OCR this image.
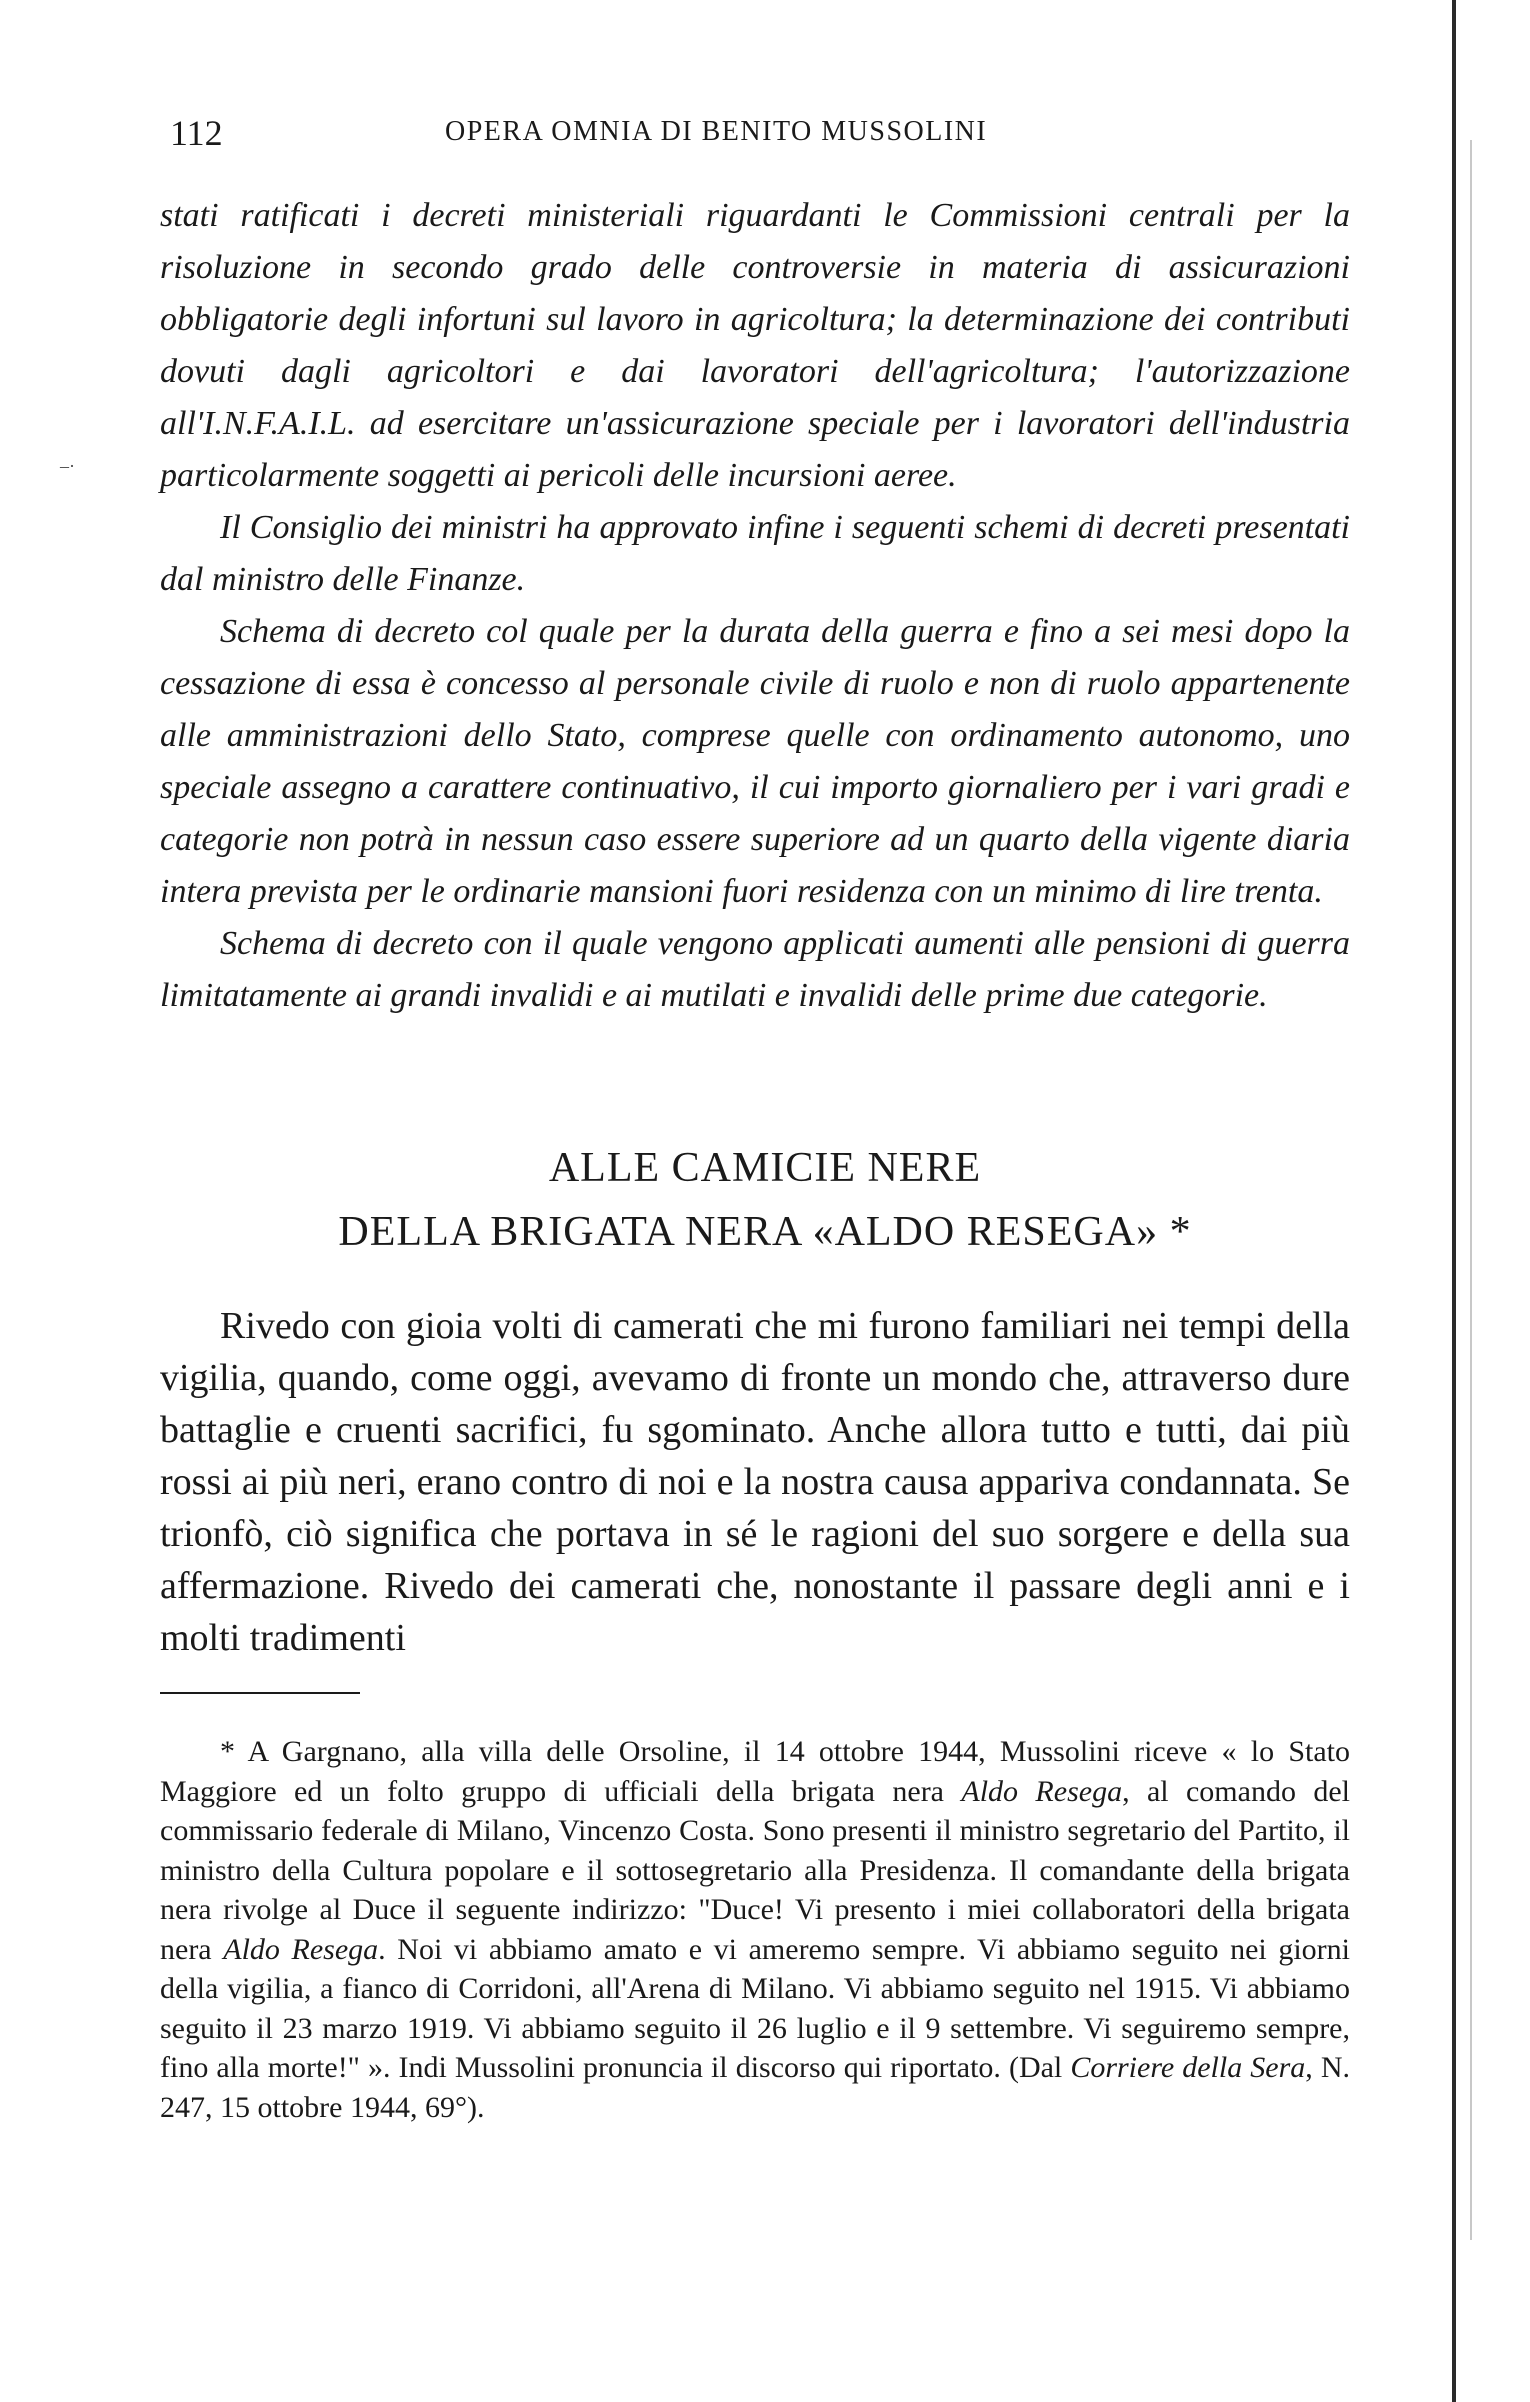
112	OPERA OMNIA DI BENITO MUSSOLINI
‒·

stati ratificati i decreti ministeriali riguardanti le Commissioni centrali per la risoluzione in secondo grado delle controversie in materia di assicurazioni obbligatorie degli infortuni sul lavoro in agricoltura; la determinazione dei contributi dovuti dagli agricoltori e dai lavoratori dell'agricoltura; l'autorizzazione all'I.N.F.A.I.L. ad esercitare un'assicurazione speciale per i lavoratori dell'industria particolarmente soggetti ai pericoli delle incursioni aeree.

Il Consiglio dei ministri ha approvato infine i seguenti schemi di decreti presentati dal ministro delle Finanze.

Schema di decreto col quale per la durata della guerra e fino a sei mesi dopo la cessazione di essa è concesso al personale civile di ruolo e non di ruolo appartenente alle amministrazioni dello Stato, comprese quelle con ordinamento autonomo, uno speciale assegno a carattere continuativo, il cui importo giornaliero per i vari gradi e categorie non potrà in nessun caso essere superiore ad un quarto della vigente diaria intera prevista per le ordinarie mansioni fuori residenza con un minimo di lire trenta.

Schema di decreto con il quale vengono applicati aumenti alle pensioni di guerra limitatamente ai grandi invalidi e ai mutilati e invalidi delle prime due categorie.

ALLE CAMICIE NERE
DELLA BRIGATA NERA «ALDO RESEGA» *

Rivedo con gioia volti di camerati che mi furono familiari nei tempi della vigilia, quando, come oggi, avevamo di fronte un mondo che, attraverso dure battaglie e cruenti sacrifici, fu sgominato. Anche allora tutto e tutti, dai più rossi ai più neri, erano contro di noi e la nostra causa appariva condannata. Se trionfò, ciò significa che portava in sé le ragioni del suo sorgere e della sua affermazione. Rivedo dei camerati che, nonostante il passare degli anni e i molti tradimenti

* A Gargnano, alla villa delle Orsoline, il 14 ottobre 1944, Mussolini riceve « lo Stato Maggiore ed un folto gruppo di ufficiali della brigata nera Aldo Resega, al comando del commissario federale di Milano, Vincenzo Costa. Sono presenti il ministro segretario del Partito, il ministro della Cultura popolare e il sottosegretario alla Presidenza. Il comandante della brigata nera rivolge al Duce il seguente indirizzo: "Duce! Vi presento i miei collaboratori della brigata nera Aldo Resega. Noi vi abbiamo amato e vi ameremo sempre. Vi abbiamo seguito nei giorni della vigilia, a fianco di Corridoni, all'Arena di Milano. Vi abbiamo seguito nel 1915. Vi abbiamo seguito il 23 marzo 1919. Vi abbiamo seguito il 26 luglio e il 9 settembre. Vi seguiremo sempre, fino alla morte!" ». Indi Mussolini pronuncia il discorso qui riportato. (Dal Corriere della Sera, N. 247, 15 ottobre 1944, 69°).
